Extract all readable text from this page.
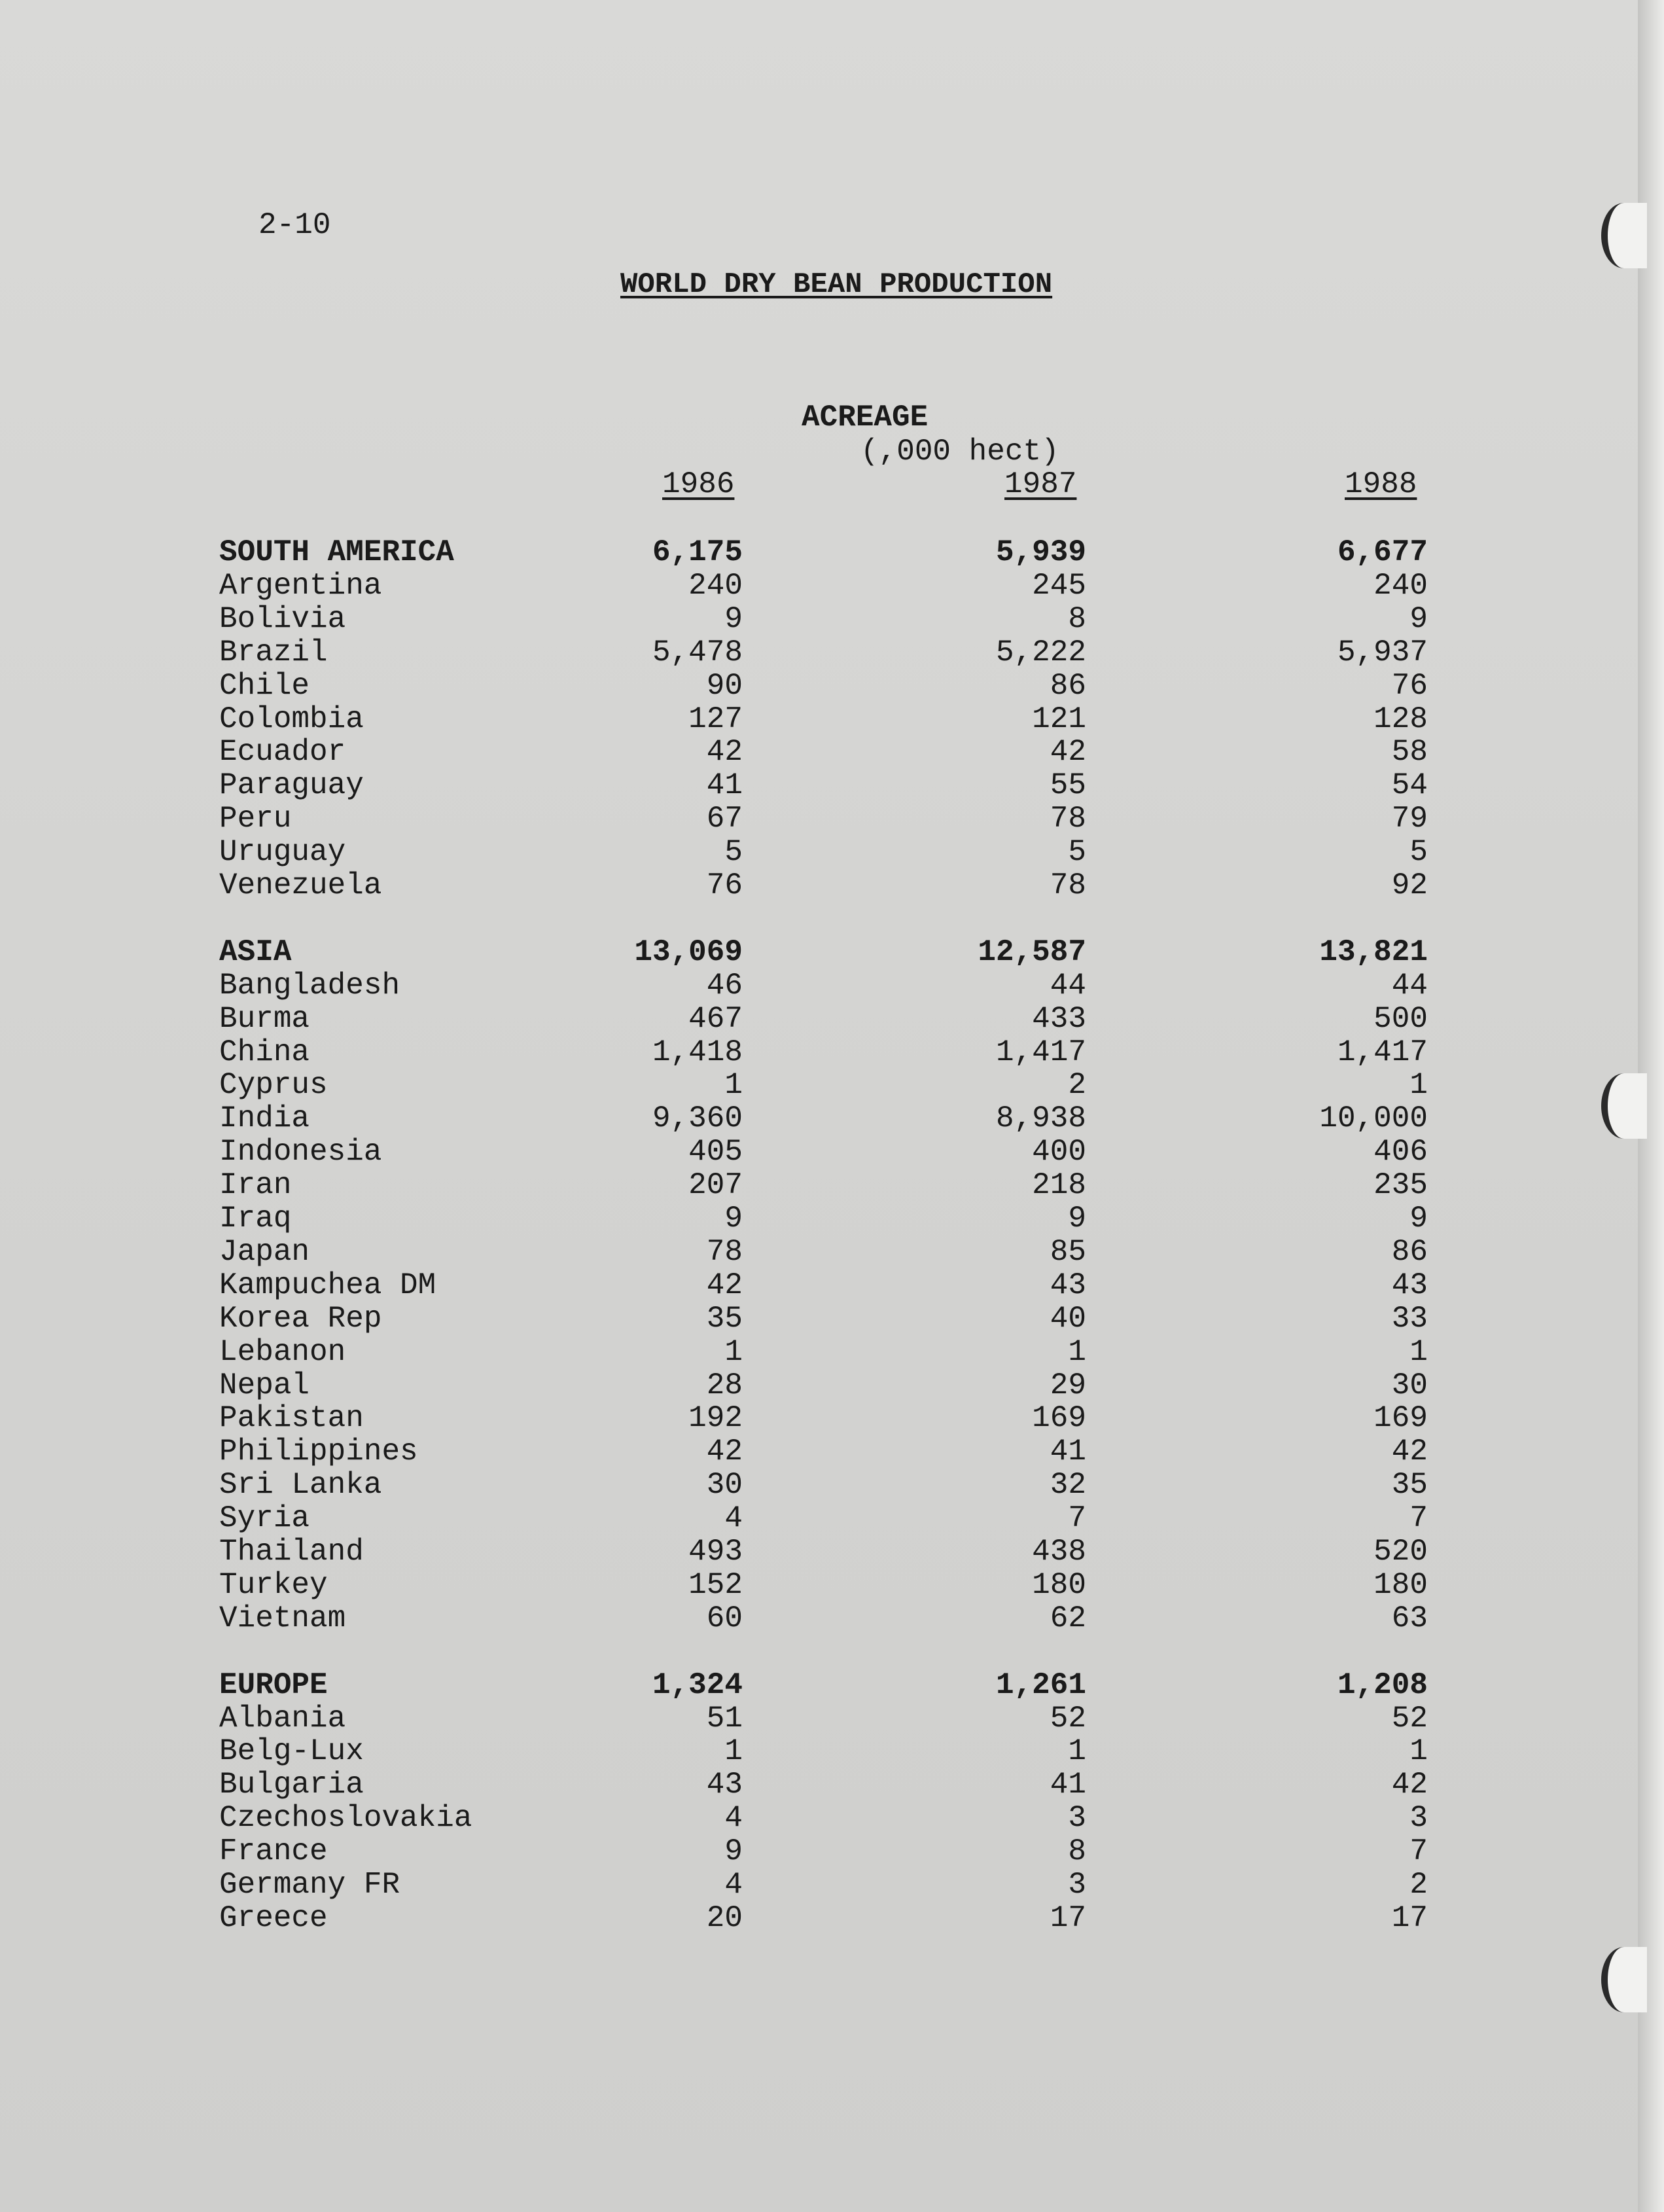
2-10
WORLD DRY BEAN PRODUCTION
ACREAGE
(,000 hect)
1986	1987	1988
SOUTH AMERICA	6,175	5,939	6,677
Argentina	240	245	240
Bolivia	9	8	9
Brazil	5,478	5,222	5,937
Chile	90	86	76
Colombia	127	121	128
Ecuador	42	42	58
Paraguay	41	55	54
Peru	67	78	79
Uruguay	5	5	5
Venezuela	76	78	92
ASIA	13,069	12,587	13,821
Bangladesh	46	44	44
Burma	467	433	500
China	1,418	1,417	1,417
Cyprus	1	2	1
India	9,360	8,938	10,000
Indonesia	405	400	406
Iran	207	218	235
Iraq	9	9	9
Japan	78	85	86
Kampuchea DM	42	43	43
Korea Rep	35	40	33
Lebanon	1	1	1
Nepal	28	29	30
Pakistan	192	169	169
Philippines	42	41	42
Sri Lanka	30	32	35
Syria	4	7	7
Thailand	493	438	520
Turkey	152	180	180
Vietnam	60	62	63
EUROPE	1,324	1,261	1,208
Albania	51	52	52
Belg-Lux	1	1	1
Bulgaria	43	41	42
Czechoslovakia	4	3	3
France	9	8	7
Germany FR	4	3	2
Greece	20	17	17
